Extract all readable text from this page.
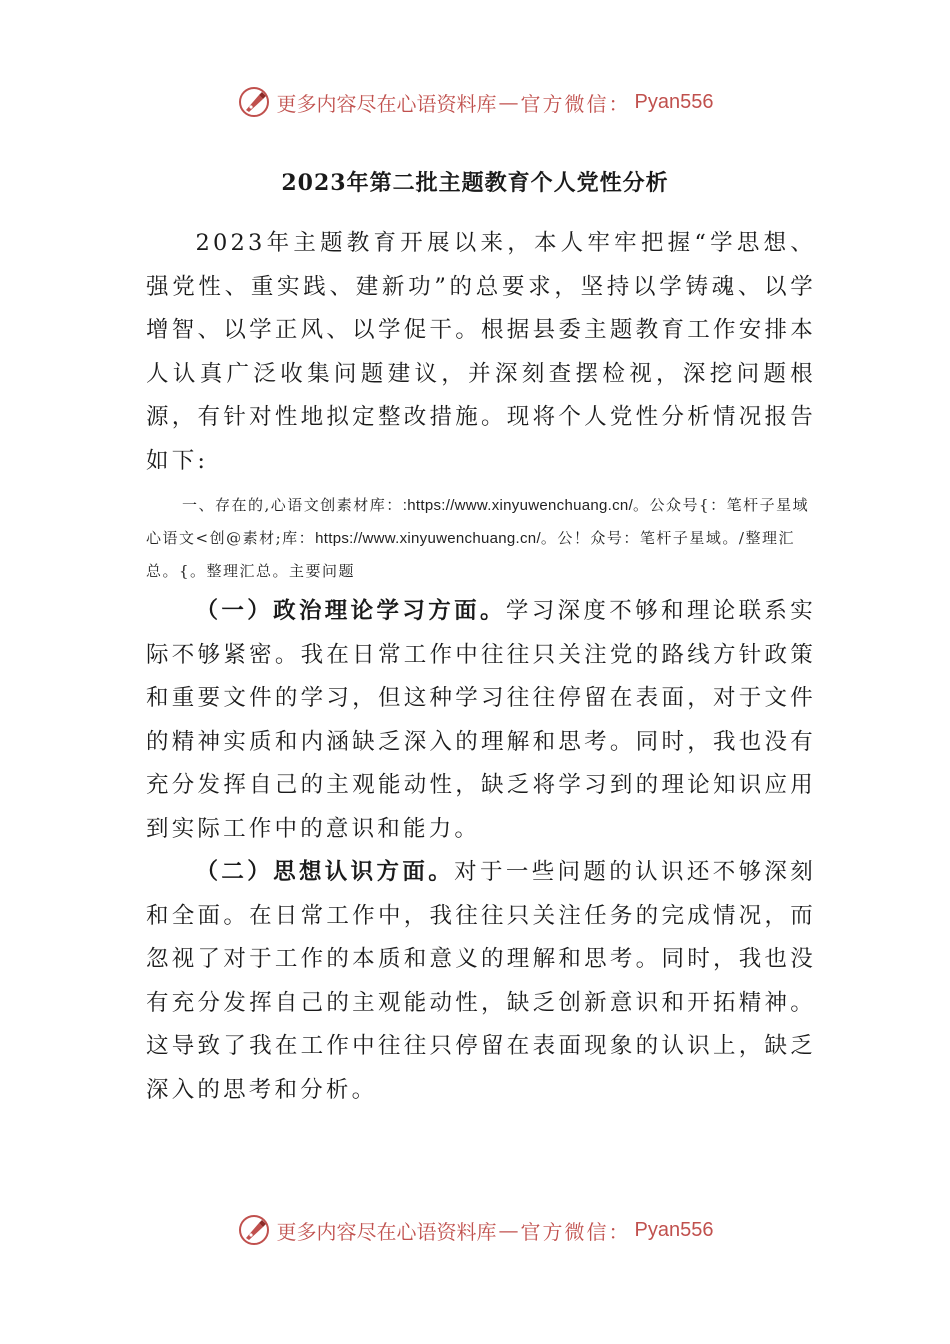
更多内容尽在心语资料库 — 官方微信： Pyan556
2023年第二批主题教育个人党性分析

2023年主题教育开展以来，本人牢牢把握“学思想、强党性、重实践、建新功”的总要求，坚持以学铸魂、以学增智、以学正风、以学促干。根据县委主题教育工作安排本人认真广泛收集问题建议，并深刻查摆检视，深挖问题根源，有针对性地拟定整改措施。现将个人党性分析情况报告如下:

一、存在的,心语文创素材库：:https://www.xinyuwenchuang.cn/。公众号{：笔杆子星域心语文<创@素材;库：https://www.xinyuwenchuang.cn/。公！众号：笔杆子星域。/整理汇总。{。整理汇总。主要问题

（一）政治理论学习方面。学习深度不够和理论联系实际不够紧密。我在日常工作中往往只关注党的路线方针政策和重要文件的学习，但这种学习往往停留在表面，对于文件的精神实质和内涵缺乏深入的理解和思考。同时，我也没有充分发挥自己的主观能动性，缺乏将学习到的理论知识应用到实际工作中的意识和能力。

（二）思想认识方面。对于一些问题的认识还不够深刻和全面。在日常工作中，我往往只关注任务的完成情况，而忽视了对于工作的本质和意义的理解和思考。同时，我也没有充分发挥自己的主观能动性，缺乏创新意识和开拓精神。这导致了我在工作中往往只停留在表面现象的认识上，缺乏深入的思考和分析。

更多内容尽在心语资料库 — 官方微信： Pyan556
